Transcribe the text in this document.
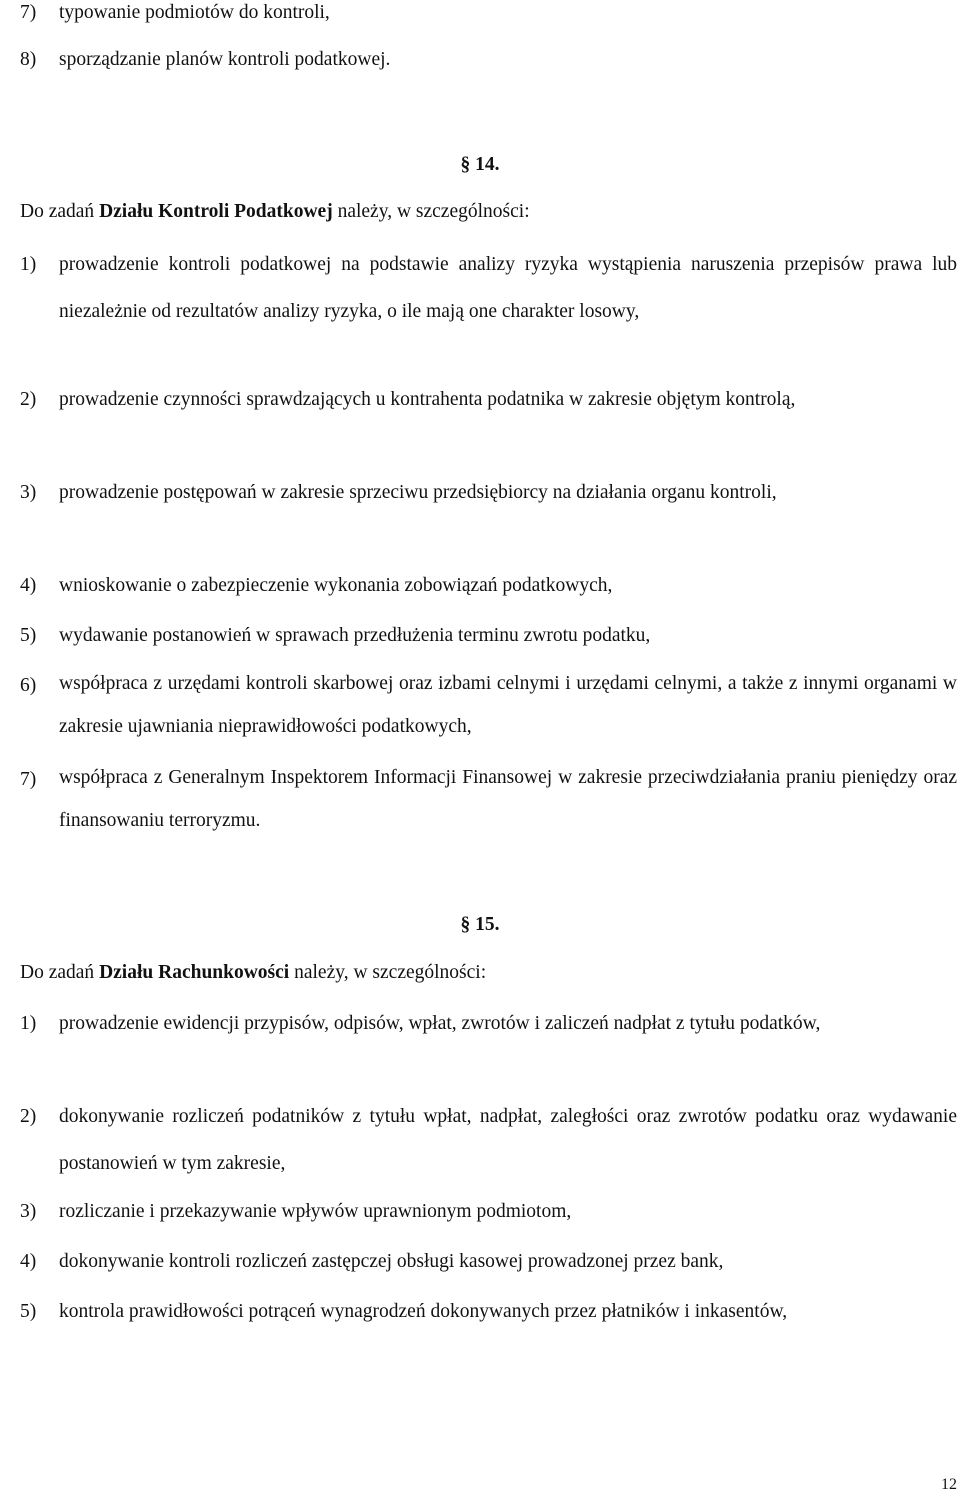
7) typowanie podmiotów do kontroli,
8) sporządzanie planów kontroli podatkowej.
§ 14.
Do zadań Działu Kontroli Podatkowej należy, w szczególności:
1) prowadzenie kontroli podatkowej na podstawie analizy ryzyka wystąpienia naruszenia przepisów prawa lub niezależnie od rezultatów analizy ryzyka, o ile mają one charakter losowy,
2) prowadzenie czynności sprawdzających u kontrahenta podatnika w zakresie objętym kontrolą,
3) prowadzenie postępowań w zakresie sprzeciwu przedsiębiorcy na działania organu kontroli,
4) wnioskowanie o zabezpieczenie wykonania zobowiązań podatkowych,
5) wydawanie postanowień w sprawach przedłużenia terminu zwrotu podatku,
6) współpraca z urzędami kontroli skarbowej oraz izbami celnymi i urzędami celnymi, a także z innymi organami w zakresie ujawniania nieprawidłowości podatkowych,
7) współpraca z Generalnym Inspektorem Informacji Finansowej w zakresie przeciwdziałania praniu pieniędzy oraz finansowaniu terroryzmu.
§ 15.
Do zadań Działu Rachunkowości należy, w szczególności:
1) prowadzenie ewidencji przypisów, odpisów, wpłat, zwrotów i zaliczeń nadpłat z tytułu podatków,
2) dokonywanie rozliczeń podatników z tytułu wpłat, nadpłat, zaległości oraz zwrotów podatku oraz wydawanie postanowień w tym zakresie,
3) rozliczanie i przekazywanie wpływów uprawnionym podmiotom,
4) dokonywanie kontroli rozliczeń zastępczej obsługi kasowej prowadzonej przez bank,
5) kontrola prawidłowości potrąceń wynagrodzeń dokonywanych przez płatników i inkasentów,
12
